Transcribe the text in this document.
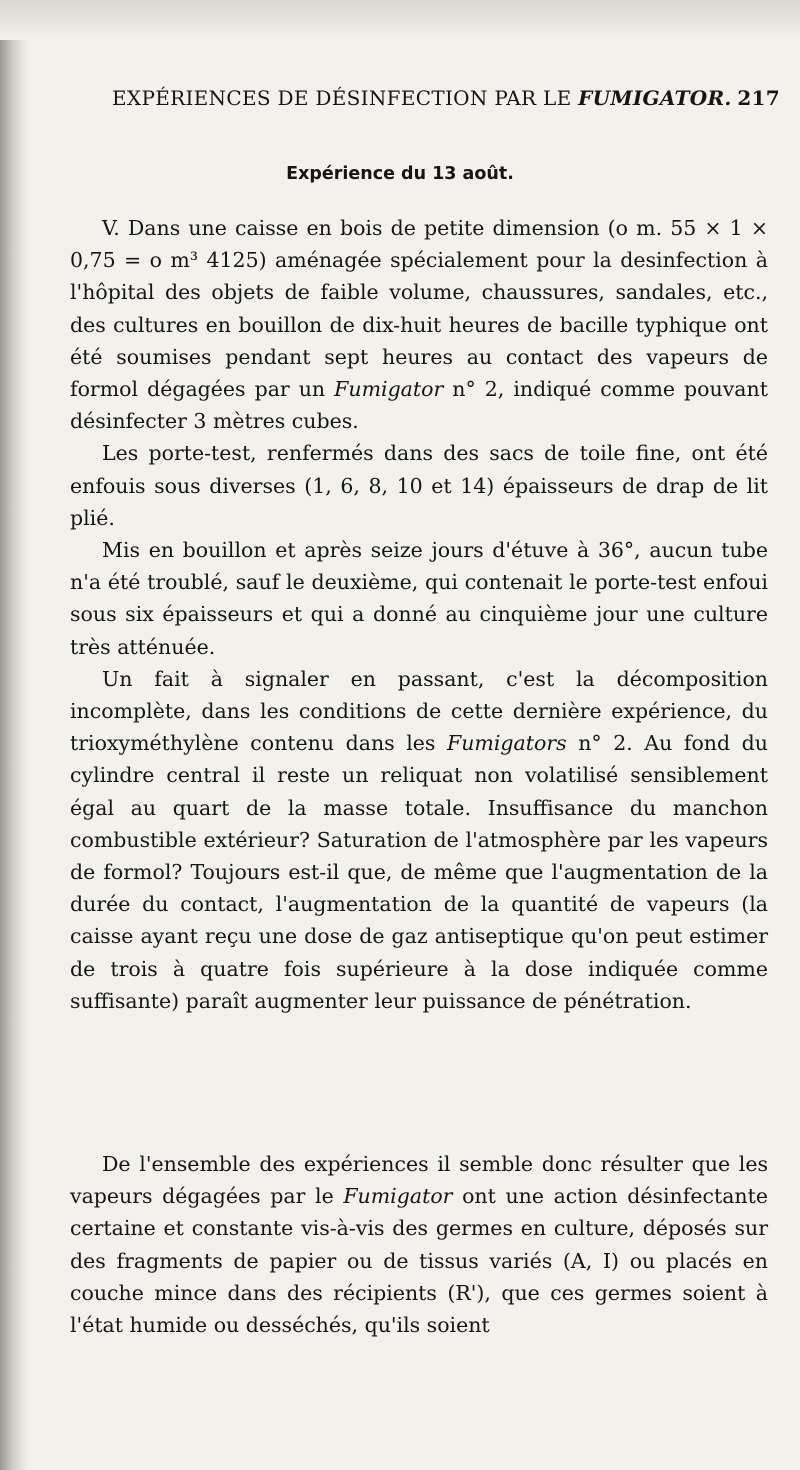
EXPÉRIENCES DE DÉSINFECTION PAR LE FUMIGATOR. 217
Expérience du 13 août.

V. Dans une caisse en bois de petite dimension (o m. 55 × 1 × 0,75 = o m³ 4125) aménagée spécialement pour la desinfection à l'hôpital des objets de faible volume, chaussures, sandales, etc., des cultures en bouillon de dix-huit heures de bacille typhique ont été soumises pendant sept heures au contact des vapeurs de formol dégagées par un Fumigator n° 2, indiqué comme pouvant désinfecter 3 mètres cubes.

Les porte-test, renfermés dans des sacs de toile fine, ont été enfouis sous diverses (1, 6, 8, 10 et 14) épaisseurs de drap de lit plié.

Mis en bouillon et après seize jours d'étuve à 36°, aucun tube n'a été troublé, sauf le deuxième, qui contenait le porte-test enfoui sous six épaisseurs et qui a donné au cinquième jour une culture très atténuée.

Un fait à signaler en passant, c'est la décomposition incomplète, dans les conditions de cette dernière expérience, du trioxyméthylène contenu dans les Fumigators n° 2. Au fond du cylindre central il reste un reliquat non volatilisé sensiblement égal au quart de la masse totale. Insuffisance du manchon combustible extérieur? Saturation de l'atmosphère par les vapeurs de formol? Toujours est-il que, de même que l'augmentation de la durée du contact, l'augmentation de la quantité de vapeurs (la caisse ayant reçu une dose de gaz antiseptique qu'on peut estimer de trois à quatre fois supérieure à la dose indiquée comme suffisante) paraît augmenter leur puissance de pénétration.

De l'ensemble des expériences il semble donc résulter que les vapeurs dégagées par le Fumigator ont une action désinfectante certaine et constante vis-à-vis des germes en culture, déposés sur des fragments de papier ou de tissus variés (A, I) ou placés en couche mince dans des récipients (R'), que ces germes soient à l'état humide ou desséchés, qu'ils soient
